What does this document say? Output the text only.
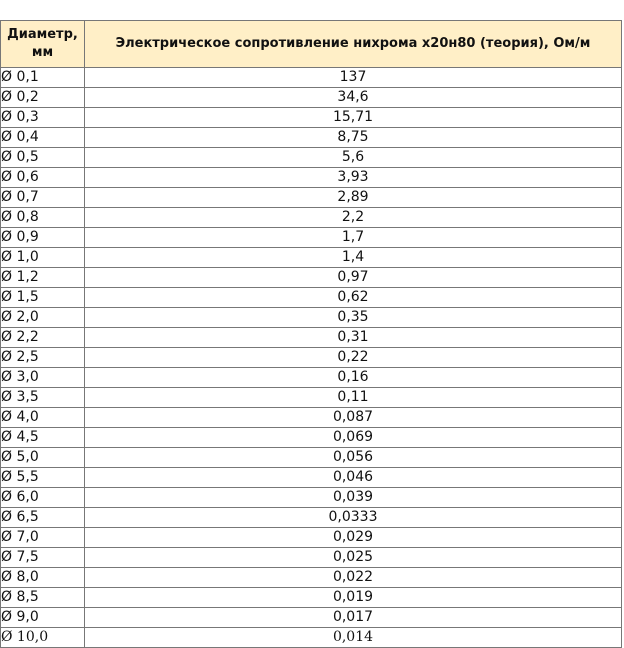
Диаметр, мм	Электрическое сопротивление нихрома х20н80 (теория), Ом/м
Ø 0,1	137
Ø 0,2	34,6
Ø 0,3	15,71
Ø 0,4	8,75
Ø 0,5	5,6
Ø 0,6	3,93
Ø 0,7	2,89
Ø 0,8	2,2
Ø 0,9	1,7
Ø 1,0	1,4
Ø 1,2	0,97
Ø 1,5	0,62
Ø 2,0	0,35
Ø 2,2	0,31
Ø 2,5	0,22
Ø 3,0	0,16
Ø 3,5	0,11
Ø 4,0	0,087
Ø 4,5	0,069
Ø 5,0	0,056
Ø 5,5	0,046
Ø 6,0	0,039
Ø 6,5	0,0333
Ø 7,0	0,029
Ø 7,5	0,025
Ø 8,0	0,022
Ø 8,5	0,019
Ø 9,0	0,017
Ø 10,0	0,014
